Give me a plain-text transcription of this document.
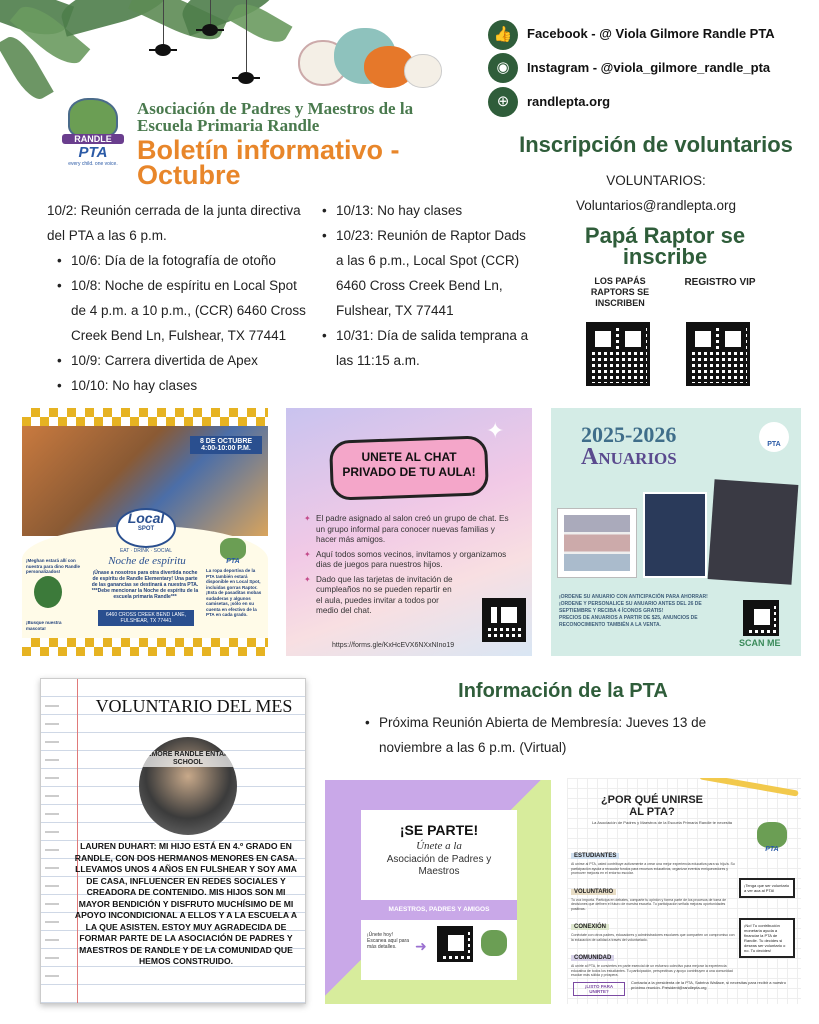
👍	Facebook - @ Viola Gilmore Randle PTA
◉	Instagram - @viola_gilmore_randle_pta
⊕	randlepta.org
RANDLE
PTA
every child. one voice.
Asociación de Padres y Maestros de la Escuela Primaria Randle
Boletín informativo - Octubre
10/2: Reunión cerrada de la junta directiva del PTA a las 6 p.m.
• 10/6: Día de la fotografía de otoño
• 10/8: Noche de espíritu en Local Spot de 4 p.m. a 10 p.m., (CCR) 6460 Cross Creek Bend Ln, Fulshear, TX 77441
• 10/9: Carrera divertida de Apex
• 10/10: No hay clases
• 10/13: No hay clases
• 10/23: Reunión de Raptor Dads a las 6 p.m., Local Spot (CCR) 6460 Cross Creek Bend Ln, Fulshear, TX 77441
• 10/31: Día de salida temprana a las 11:15 a.m.
Inscripción de voluntarios
VOLUNTARIOS:
Voluntarios@randlepta.org
Papá Raptor se inscribe
LOS PAPÁS RAPTORS SE INSCRIBEN
REGISTRO VIP
8 DE OCTUBRE
4:00-10:00 P.M.
Local
SPOT
EAT · DRINK · SOCIAL
Noche de espíritu
¡Únase a nosotros para otra divertida noche de espíritu de Randle Elementary! Una parte de las ganancias se destinará a nuestra PTA. ***Debe mencionar la Noche de espíritu de la escuela primaria Randle***
6460 CROSS CREEK BEND LANE, FULSHEAR, TX 77441
¡Meghan estará allí con nuestra para dino Randle personalizados!
¡Busque nuestra mascota!
PTA
La ropa deportiva de la PTA también estará disponible en Local Spot, incluidas gorras Raptor. ¡Esta de pasaditas mobas sudaderas y algunos camisetas, ¡sólo en su cuenta en efectivo de la PTA en cada grado.
UNETE AL CHAT PRIVADO DE TU AULA!
✦
✦ El padre asignado al salon creó un grupo de chat. Es un grupo informal para conocer nuevas familias y hacer más amigos.
✦ Aquí todos somos vecinos, invitamos y organizamos dias de juegos para nuestros hijos.
✦ Dado que las tarjetas de invitación de cumpleaños no se pueden repartir en el aula, puedes invitar a todos por medio del chat.
https://forms.gle/KxHcEVX6NXxNIno19
2025-2026
Anuarios	PTA
¡ORDENE SU ANUARIO CON ANTICIPACIÓN PARA AHORRAR!
¡ORDENE Y PERSONALICE SU ANUARIO ANTES DEL 26 DE SEPTIEMBRE Y RECIBA 4 ÍCONOS GRATIS!
PRECIOS DE ANUARIOS A PARTIR DE $25, ANUNCIOS DE RECONOCIMIENTO TAMBIÉN A LA VENTA.
SCAN ME
VOLUNTARIO DEL MES
ELMORE RANDLE ENTARY SCHOOL
LAUREN DUHART: MI HIJO ESTÁ EN 4.º GRADO EN RANDLE, CON DOS HERMANOS MENORES EN CASA. LLEVAMOS UNOS 4 AÑOS EN FULSHEAR Y SOY AMA DE CASA, INFLUENCER EN REDES SOCIALES Y CREADORA DE CONTENIDO. MIS HIJOS SON MI MAYOR BENDICIÓN Y DISFRUTO MUCHÍSIMO DE MI APOYO INCONDICIONAL A ELLOS Y A LA ESCUELA A LA QUE ASISTEN. ESTOY MUY AGRADECIDA DE FORMAR PARTE DE LA ASOCIACIÓN DE PADRES Y MAESTROS DE RANDLE Y DE LA COMUNIDAD QUE HEMOS CONSTRUIDO.
Información de la PTA
• Próxima Reunión Abierta de Membresía: Jueves 13 de noviembre a las 6 p.m. (Virtual)
¡SE PARTE!
Únete a la
Asociación de Padres y Maestros
MAESTROS, PADRES Y AMIGOS
¡Únete hoy! Escanea aquí para más detalles.	➜
¿POR QUÉ UNIRSE AL PTA?
La Asociación de Padres y Maestros de la Escuela Primaria Randle te necesita
PTA
ESTUDIANTES
Al unirse al PTA, usted contribuye activamente a crear una mejor experiencia educativa para su hijo/a. Su participación ayuda a recaudar fondos para recursos educativos, organizar eventos enriquecedores y promover mejoras en el entorno escolar.
VOLUNTARIO
Tu voz importa. Participa en debates, comparte tu opinión y forma parte de los procesos de toma de decisiones que definen el futuro de nuestra escuela. Tu participación señala mejoras oportunidades positivas.
CONEXIÓN
Conéctate con otros padres, educadores y administradores escolares que comparten un compromiso con la educación de calidad a través del voluntariado.
COMUNIDAD
Al unirte al PTA, te conviertes en parte esencial de un esfuerzo colectivo para mejorar la experiencia educativa de todos los estudiantes. Tu participación, perspectivas y apoyo contribuyen a una comunidad escolar más sólida y próspera.
¡Tenga que ser voluntario a ver aca al PTA!
¡No! Tu contribución monetaria ayuda a financiar la PTA de Randle. Tu decides si deseas ser voluntario o no. Tu decides!
¡LISTO PARA UNIRTE?
Contacta a la presidenta de la PTA, Sabrina Wallace, si necesitas para recibir a nuestro próximo reunión. President@randlepta.org
